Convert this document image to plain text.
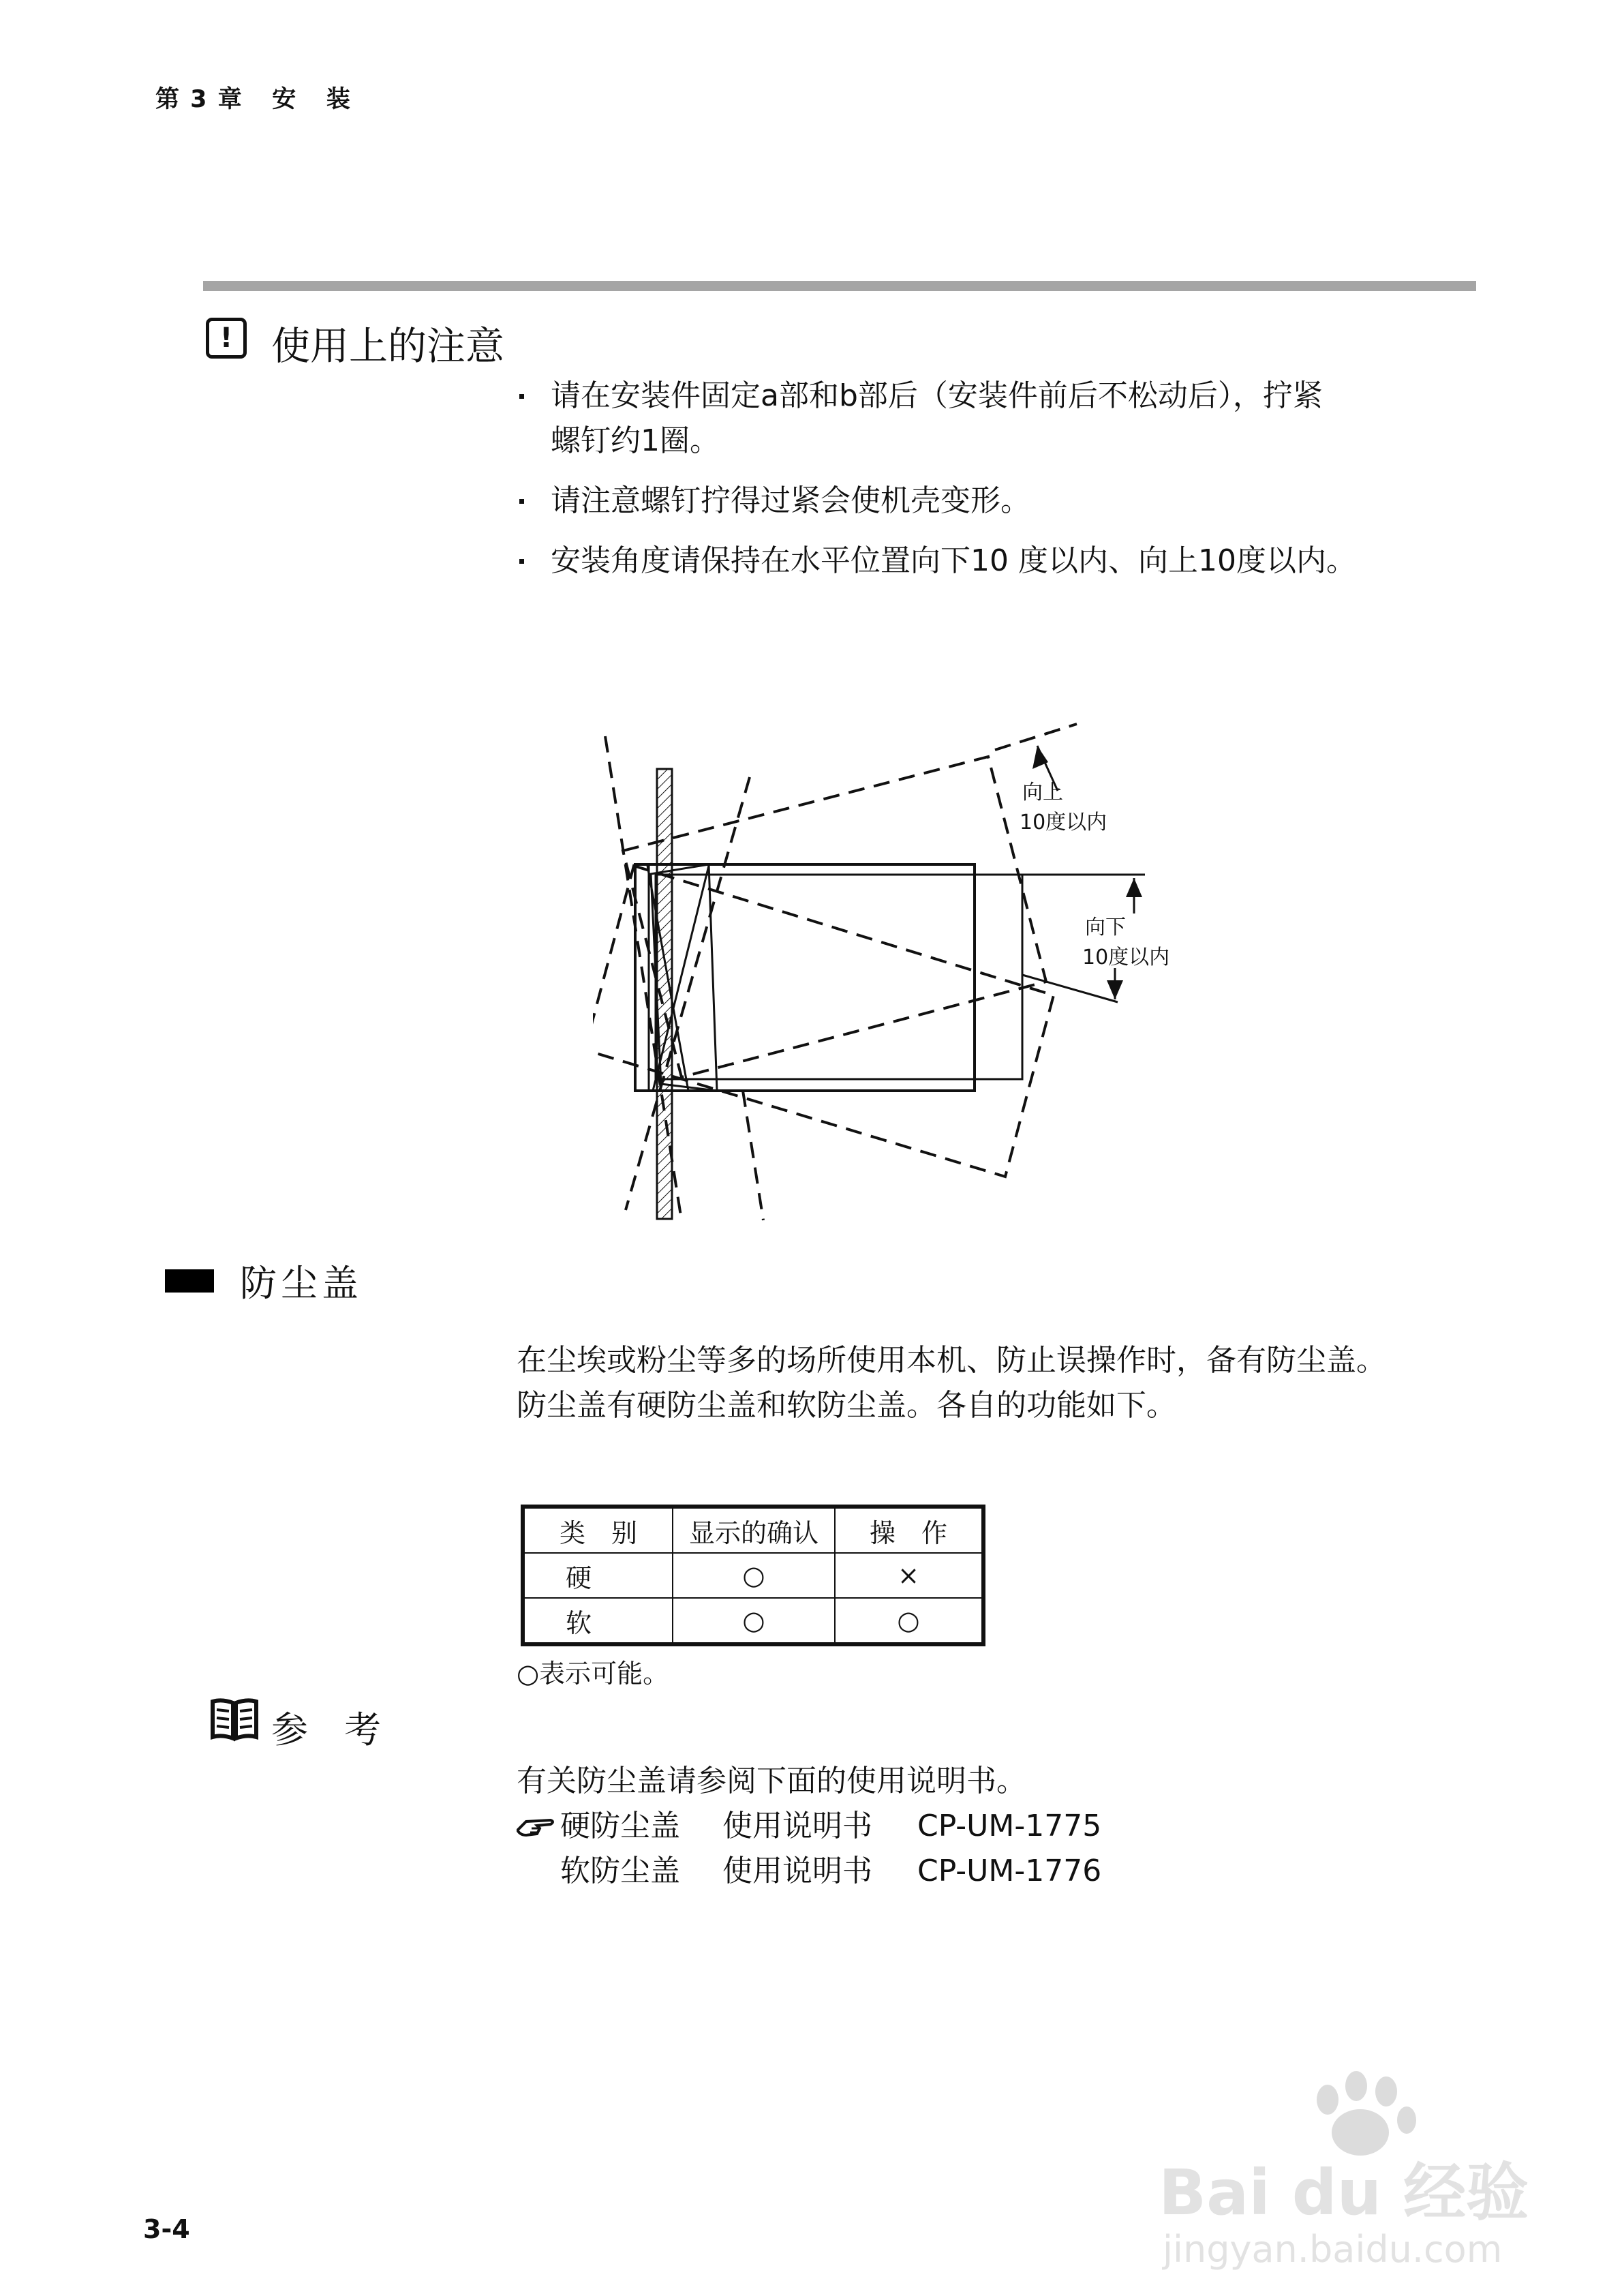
第 3 章   安   装
! 使用上的注意
请在安装件固定a部和b部后（安装件前后不松动后），拧紧
螺钉约1圈。
请注意螺钉拧得过紧会使机壳变形。
安装角度请保持在水平位置向下10 度以内、向上10度以内。
向上
10度以内
向下
10度以内
防尘盖
在尘埃或粉尘等多的场所使用本机、防止误操作时，备有防尘盖。
防尘盖有硬防尘盖和软防尘盖。各自的功能如下。
类　别	显示的确认	操　作
硬	○	×
软	○	○
○表示可能。
参 考
有关防尘盖请参阅下面的使用说明书。
硬防尘盖 使用说明书 CP-UM-1775
软防尘盖 使用说明书 CP-UM-1776
3-4	Bai du 经验
jingyan.baidu.com
